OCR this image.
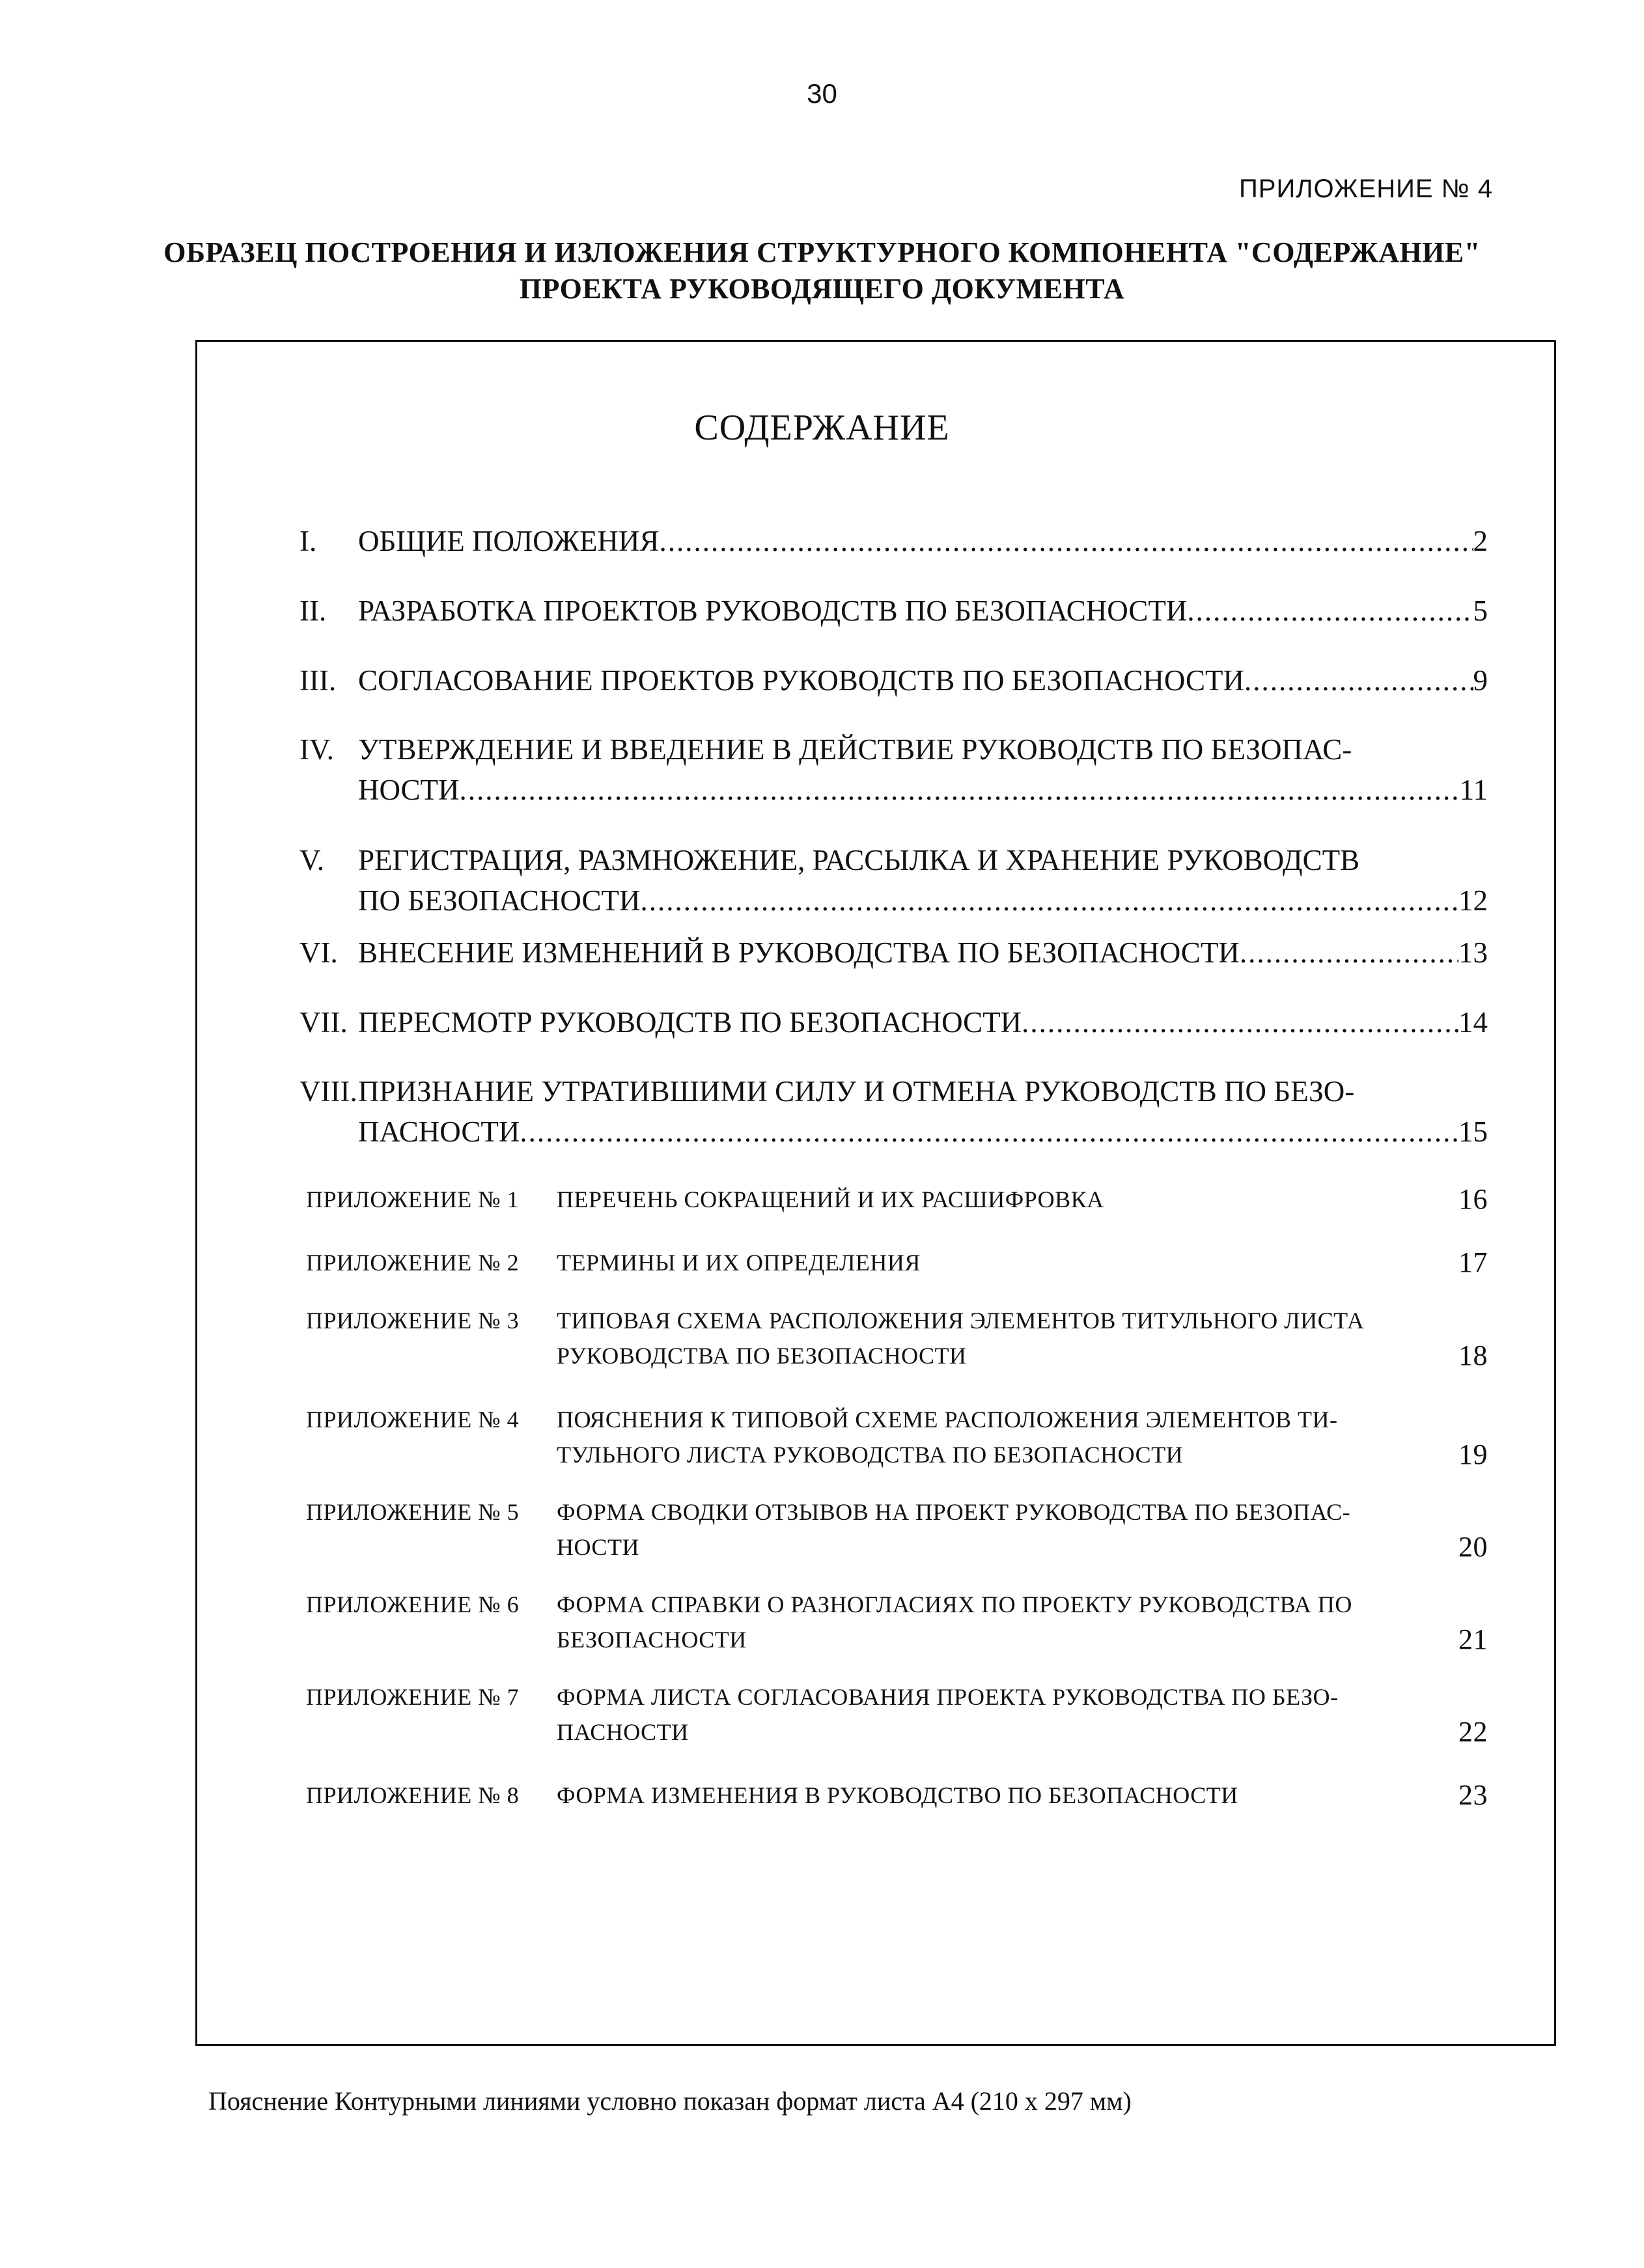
30
ПРИЛОЖЕНИЕ № 4
ОБРАЗЕЦ ПОСТРОЕНИЯ И ИЗЛОЖЕНИЯ СТРУКТУРНОГО КОМПОНЕНТА "СОДЕРЖАНИЕ"
ПРОЕКТА РУКОВОДЯЩЕГО ДОКУМЕНТА
СОДЕРЖАНИЕ
I. ОБЩИЕ ПОЛОЖЕНИЯ .....	2
II. РАЗРАБОТКА ПРОЕКТОВ РУКОВОДСТВ ПО БЕЗОПАСНОСТИ .....	5
III. СОГЛАСОВАНИЕ ПРОЕКТОВ РУКОВОДСТВ ПО БЕЗОПАСНОСТИ .....	9
IV. УТВЕРЖДЕНИЕ И ВВЕДЕНИЕ В ДЕЙСТВИЕ РУКОВОДСТВ ПО БЕЗОПАС-
НОСТИ .....	11
V. РЕГИСТРАЦИЯ, РАЗМНОЖЕНИЕ, РАССЫЛКА И ХРАНЕНИЕ РУКОВОДСТВ
ПО БЕЗОПАСНОСТИ .....	12
VI. ВНЕСЕНИЕ ИЗМЕНЕНИЙ В РУКОВОДСТВА ПО БЕЗОПАСНОСТИ .....	13
VII. ПЕРЕСМОТР РУКОВОДСТВ ПО БЕЗОПАСНОСТИ .....	14
VIII. ПРИЗНАНИЕ УТРАТИВШИМИ СИЛУ И ОТМЕНА РУКОВОДСТВ ПО БЕЗО-
ПАСНОСТИ .....	15
ПРИЛОЖЕНИЕ № 1 ПЕРЕЧЕНЬ СОКРАЩЕНИЙ И ИХ РАСШИФРОВКА	16
ПРИЛОЖЕНИЕ № 2 ТЕРМИНЫ И ИХ ОПРЕДЕЛЕНИЯ	17
ПРИЛОЖЕНИЕ № 3 ТИПОВАЯ СХЕМА РАСПОЛОЖЕНИЯ ЭЛЕМЕНТОВ ТИТУЛЬНОГО ЛИСТА
РУКОВОДСТВА ПО БЕЗОПАСНОСТИ	18
ПРИЛОЖЕНИЕ № 4 ПОЯСНЕНИЯ К ТИПОВОЙ СХЕМЕ РАСПОЛОЖЕНИЯ ЭЛЕМЕНТОВ ТИ-
ТУЛЬНОГО ЛИСТА РУКОВОДСТВА ПО БЕЗОПАСНОСТИ	19
ПРИЛОЖЕНИЕ № 5 ФОРМА СВОДКИ ОТЗЫВОВ НА ПРОЕКТ РУКОВОДСТВА ПО БЕЗОПАС-
НОСТИ	20
ПРИЛОЖЕНИЕ № 6 ФОРМА СПРАВКИ О РАЗНОГЛАСИЯХ ПО ПРОЕКТУ РУКОВОДСТВА ПО
БЕЗОПАСНОСТИ	21
ПРИЛОЖЕНИЕ № 7 ФОРМА ЛИСТА СОГЛАСОВАНИЯ ПРОЕКТА РУКОВОДСТВА ПО БЕЗО-
ПАСНОСТИ	22
ПРИЛОЖЕНИЕ № 8 ФОРМА ИЗМЕНЕНИЯ В РУКОВОДСТВО ПО БЕЗОПАСНОСТИ	23
Пояснение Контурными линиями условно показан формат листа А4 (210 х 297 мм)
